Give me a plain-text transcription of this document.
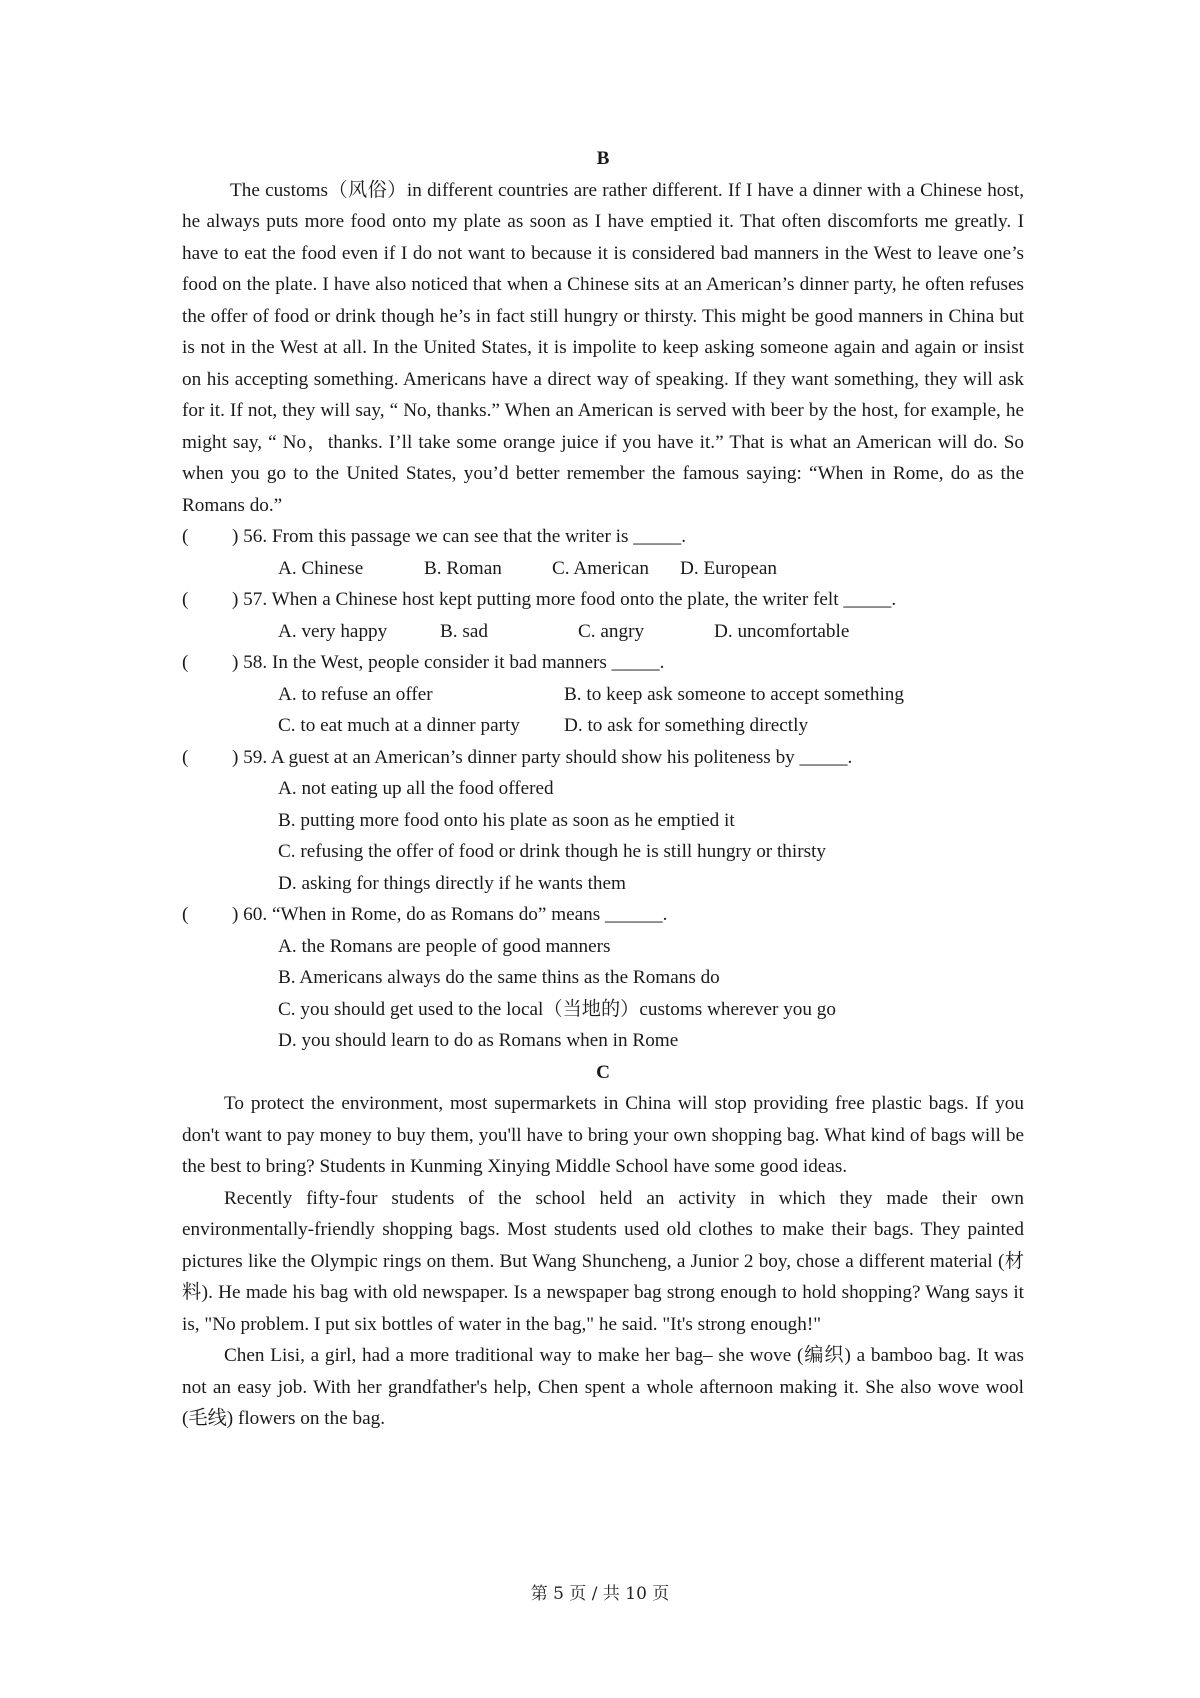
B

The customs（风俗）in different countries are rather different. If I have a dinner with a Chinese host, he always puts more food onto my plate as soon as I have emptied it. That often discomforts me greatly. I have to eat the food even if I do not want to because it is considered bad manners in the West to leave one’s food on the plate. I have also noticed that when a Chinese sits at an American’s dinner party, he often refuses the offer of food or drink though he’s in fact still hungry or thirsty. This might be good manners in China but is not in the West at all. In the United States, it is impolite to keep asking someone again and again or insist on his accepting something. Americans have a direct way of speaking. If they want something, they will ask for it. If not, they will say, “ No, thanks.” When an American is served with beer by the host, for example, he might say, “ No，thanks. I’ll take some orange juice if you have it.” That is what an American will do. So when you go to the United States, you’d better remember the famous saying: “When in Rome, do as the Romans do.”

(	) 56. From this passage we can see that the writer is _____.
A. Chinese	B. Roman	C. American	D. European
(	) 57. When a Chinese host kept putting more food onto the plate, the writer felt _____.
A. very happy	B. sad	C. angry	D. uncomfortable
(	) 58. In the West, people consider it bad manners _____.
A. to refuse an offer	B. to keep ask someone to accept something
C. to eat much at a dinner party	D. to ask for something directly
(	) 59. A guest at an American’s dinner party should show his politeness by _____.
A. not eating up all the food offered
B. putting more food onto his plate as soon as he emptied it
C. refusing the offer of food or drink though he is still hungry or thirsty
D. asking for things directly if he wants them
(	) 60. “When in Rome, do as Romans do” means ______.
A. the Romans are people of good manners
B. Americans always do the same thins as the Romans do
C. you should get used to the local（当地的）customs wherever you go
D. you should learn to do as Romans when in Rome
C

To protect the environment, most supermarkets in China will stop providing free plastic bags. If you don't want to pay money to buy them, you'll have to bring your own shopping bag. What kind of bags will be the best to bring? Students in Kunming Xinying Middle School have some good ideas.

Recently fifty-four students of the school held an activity in which they made their own environmentally-friendly shopping bags. Most students used old clothes to make their bags. They painted pictures like the Olympic rings on them. But Wang Shuncheng, a Junior 2 boy, chose a different material (材料). He made his bag with old newspaper. Is a newspaper bag strong enough to hold shopping? Wang says it is, "No problem. I put six bottles of water in the bag," he said. "It's strong enough!"

Chen Lisi, a girl, had a more traditional way to make her bag– she wove (编织) a bamboo bag. It was not an easy job. With her grandfather's help, Chen spent a whole afternoon making it. She also wove wool (毛线) flowers on the bag.

第 5 页 / 共 10 页
